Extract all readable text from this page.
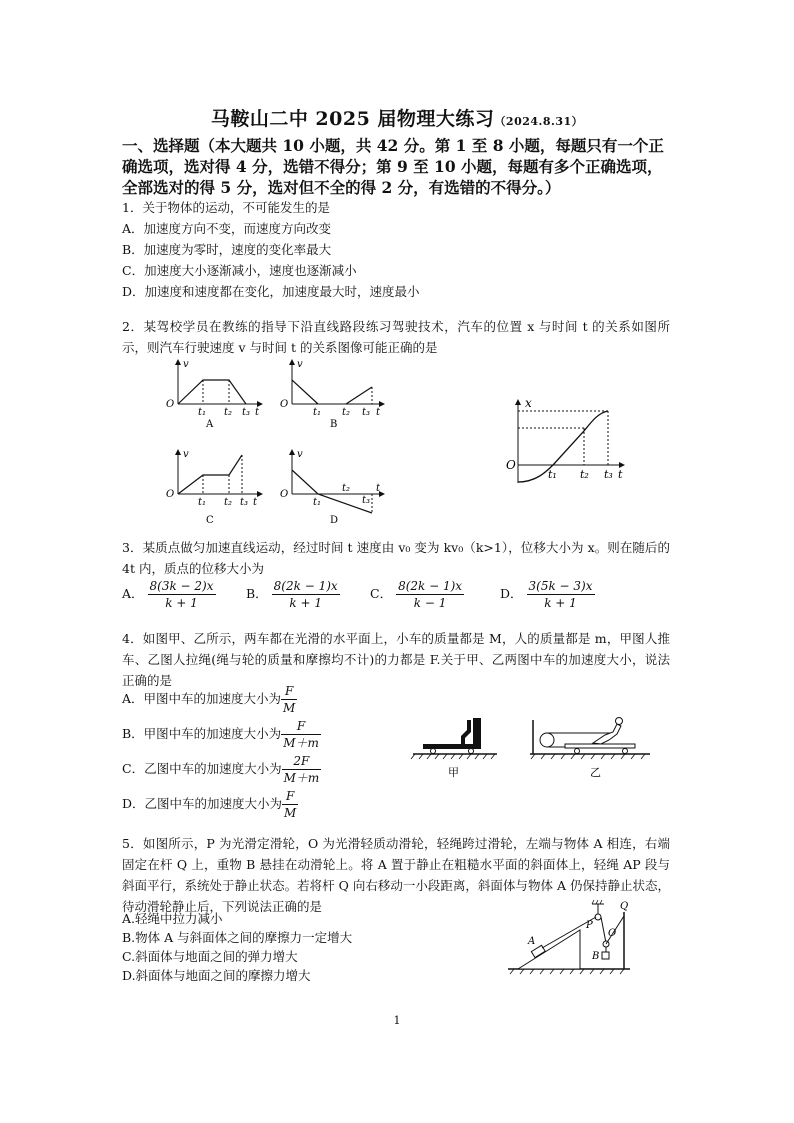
马鞍山二中 2025 届物理大练习（2024.8.31）
一、选择题（本大题共 10 小题，共 42 分。第 1 至 8 小题，每题只有一个正确选项，选对得 4 分，选错不得分；第 9 至 10 小题，每题有多个正确选项，全部选对的得 5 分，选对但不全的得 2 分，有选错的不得分。）
1．关于物体的运动，不可能发生的是
A．加速度方向不变，而速度方向改变
B．加速度为零时，速度的变化率最大
C．加速度大小逐渐减小，速度也逐渐减小
D．加速度和速度都在变化，加速度最大时，速度最小
2．某驾校学员在教练的指导下沿直线路段练习驾驶技术，汽车的位置 x 与时间 t 的关系如图所示，则汽车行驶速度 v 与时间 t 的关系图像可能正确的是
v
O
t₁ t₂ t₃ t
A
v
O
t₁ t₂ t₃ t
B
v
O
t₁ t₂ t₃ t
C
v
O
t₁
t₂
t₃
t
D
x
O
t₁ t₂ t₃ t
3．某质点做匀加速直线运动，经过时间 t 速度由 v₀ 变为 kv₀（k>1），位移大小为 x。则在随后的 4t 内，质点的位移大小为
A． $\frac{8(3k - 2)x}{k + 1}$ B． $\frac{8(2k - 1)x}{k + 1}$ C． $\frac{8(2k - 1)x}{k - 1}$	D． $\frac{3(5k - 3)x}{k + 1}$
4．如图甲、乙所示，两车都在光滑的水平面上，小车的质量都是 M，人的质量都是 m，甲图人推车、乙图人拉绳(绳与轮的质量和摩擦均不计)的力都是 F.关于甲、乙两图中车的加速度大小，说法正确的是
A．甲图中车的加速度大小为 $\frac{F}{M}$
B．甲图中车的加速度大小为 $\frac{F}{M+m}$
C．乙图中车的加速度大小为 $\frac{2F}{M+m}$
D．乙图中车的加速度大小为 $\frac{F}{M}$
甲	乙
5．如图所示，P 为光滑定滑轮，O 为光滑轻质动滑轮，轻绳跨过滑轮，左端与物体 A 相连，右端固定在杆 Q 上，重物 B 悬挂在动滑轮上。将 A 置于静止在粗糙水平面的斜面体上，轻绳 AP 段与斜面平行，系统处于静止状态。若将杆 Q 向右移动一小段距离，斜面体与物体 A 仍保持静止状态，待动滑轮静止后，下列说法正确的是
A.轻绳中拉力减小
B.物体 A 与斜面体之间的摩擦力一定增大
C.斜面体与地面之间的弹力增大
D.斜面体与地面之间的摩擦力增大
A
P
O
B
Q
1
